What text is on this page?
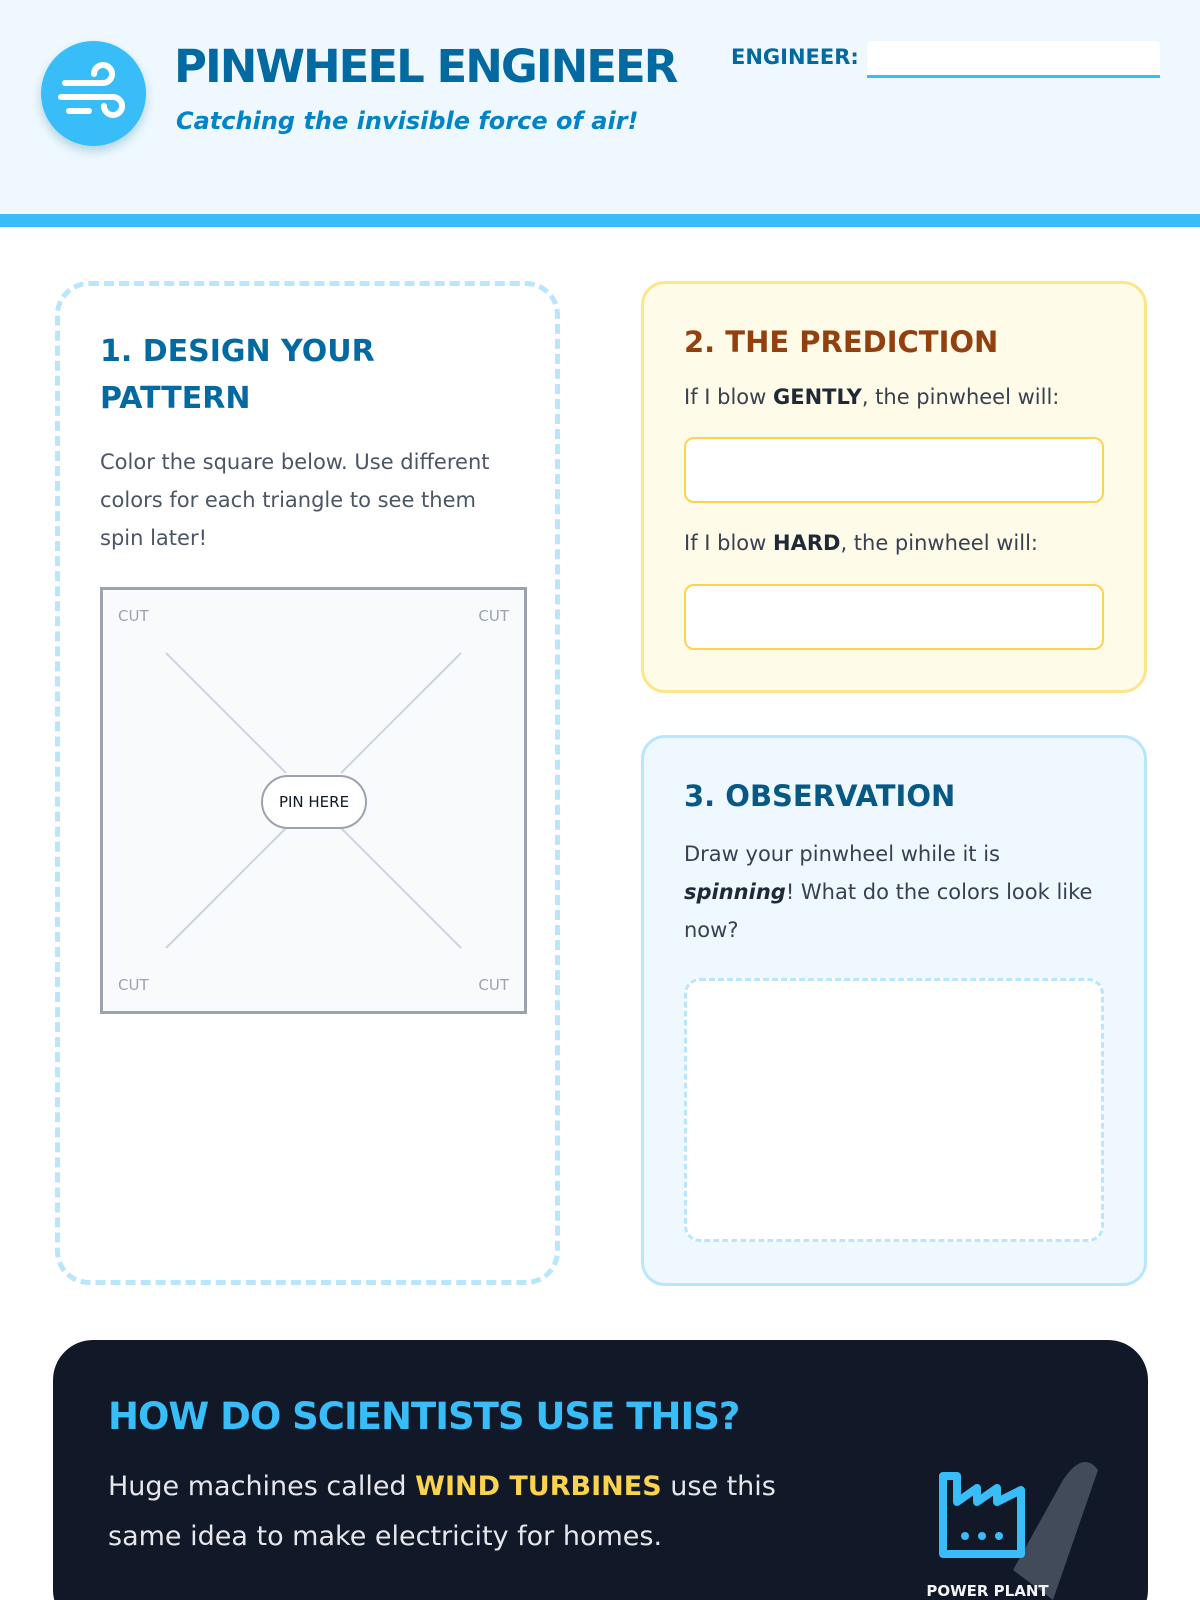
PINWHEEL ENGINEER
Catching the invisible force of air!
ENGINEER:
1. DESIGN YOUR PATTERN
Color the square below. Use different colors for each triangle to see them spin later!
CUT	CUT
CUT	CUT
PIN HERE
2. THE PREDICTION
If I blow GENTLY, the pinwheel will:
If I blow HARD, the pinwheel will:
3. OBSERVATION
Draw your pinwheel while it is spinning! What do the colors look like now?
HOW DO SCIENTISTS USE THIS?
Huge machines called WIND TURBINES use this same idea to make electricity for homes.
POWER PLANT
